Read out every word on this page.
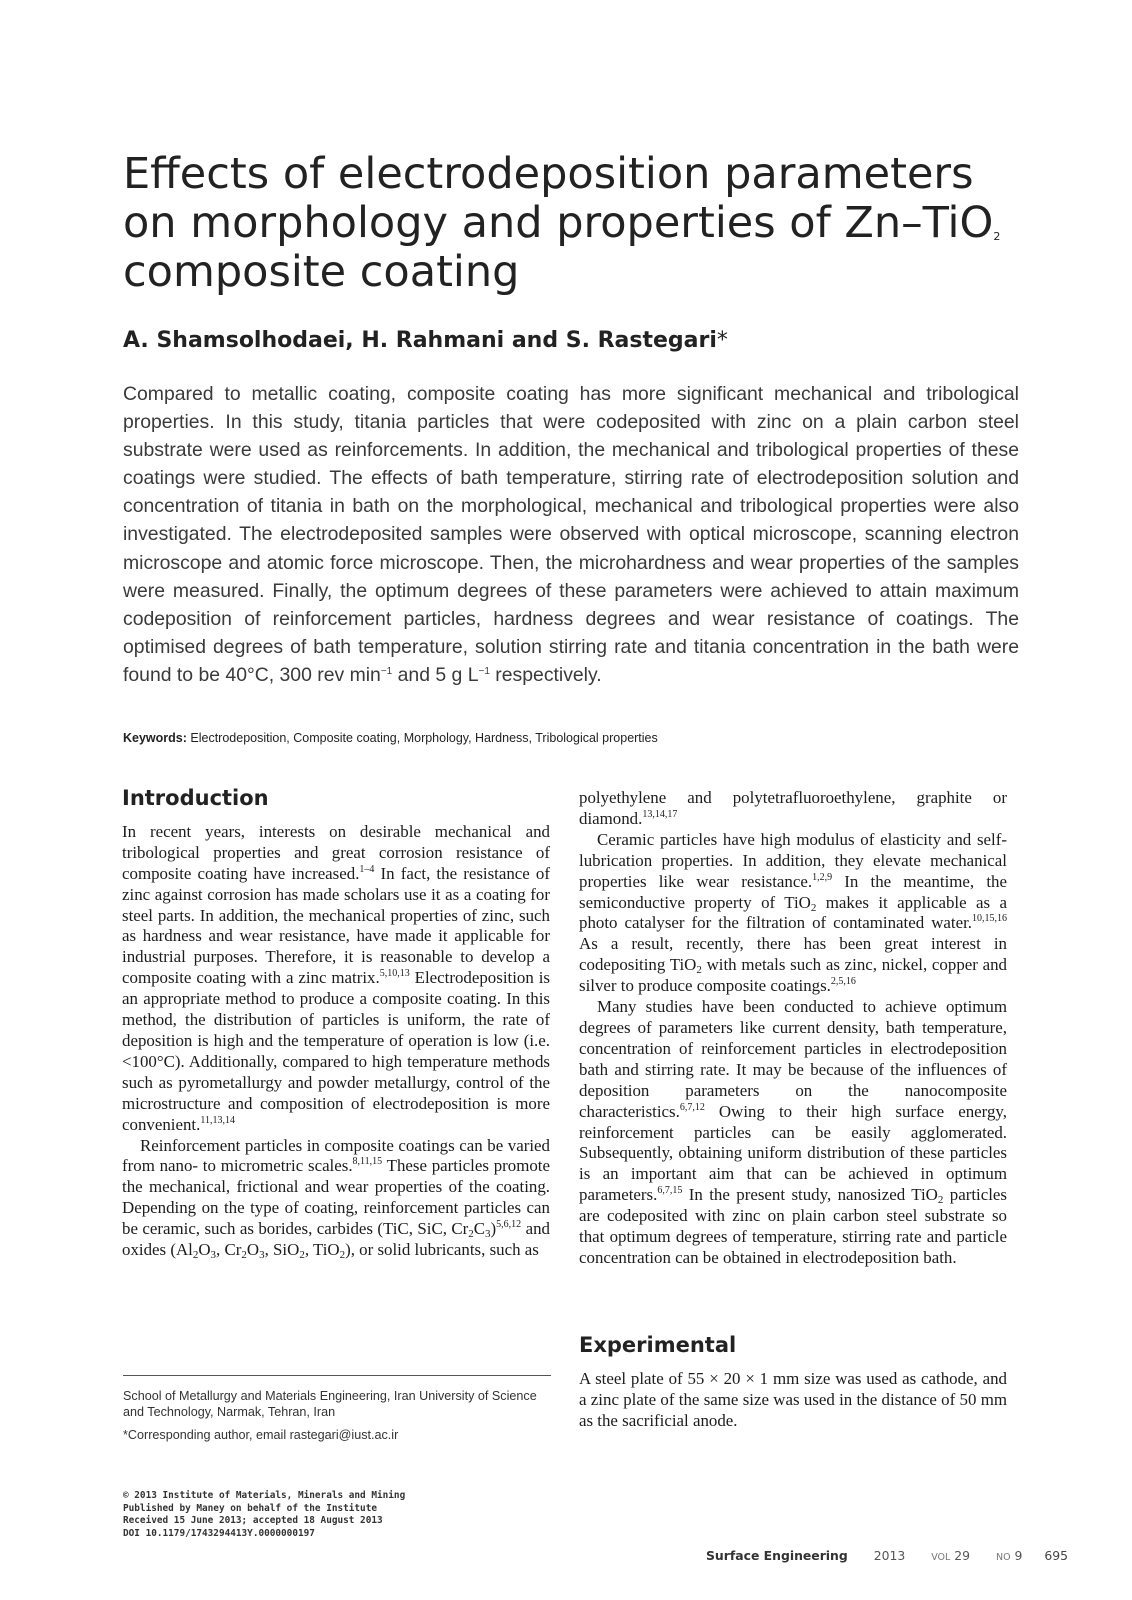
Effects of electrodeposition parameters on morphology and properties of Zn–TiO$_2$ composite coating

A. Shamsolhodaei, H. Rahmani and S. Rastegari*

Compared to metallic coating, composite coating has more significant mechanical and tribological properties. In this study, titania particles that were codeposited with zinc on a plain carbon steel substrate were used as reinforcements. In addition, the mechanical and tribological properties of these coatings were studied. The effects of bath temperature, stirring rate of electrodeposition solution and concentration of titania in bath on the morphological, mechanical and tribological properties were also investigated. The electrodeposited samples were observed with optical microscope, scanning electron microscope and atomic force microscope. Then, the microhardness and wear properties of the samples were measured. Finally, the optimum degrees of these parameters were achieved to attain maximum codeposition of reinforcement particles, hardness degrees and wear resistance of coatings. The optimised degrees of bath temperature, solution stirring rate and titania concentration in the bath were found to be 40°C, 300 rev $\min^{-1}$ and 5 g $L^{-1}$ respectively.

Keywords: Electrodeposition, Composite coating, Morphology, Hardness, Tribological properties

Introduction

In recent years, interests on desirable mechanical and tribological properties and great corrosion resistance of composite coating have increased.$^{1-4}$ In fact, the resistance of zinc against corrosion has made scholars use it as a coating for steel parts. In addition, the mechanical properties of zinc, such as hardness and wear resistance, have made it applicable for industrial purposes. Therefore, it is reasonable to develop a composite coating with a zinc matrix.$^{5,10,13}$ Electrodeposition is an appropriate method to produce a composite coating. In this method, the distribution of particles is uniform, the rate of deposition is high and the temperature of operation is low (i.e. <100°C). Additionally, compared to high temperature methods such as pyrometallurgy and powder metallurgy, control of the microstructure and composition of electrodeposition is more convenient.$^{11,13,14}$

Reinforcement particles in composite coatings can be varied from nano- to micrometric scales.$^{8,11,15}$ These particles promote the mechanical, frictional and wear properties of the coating. Depending on the type of coating, reinforcement particles can be ceramic, such as borides, carbides (TiC, SiC, $Cr_2C_3)^{5,6,12}$ and oxides ($Al_2O_3$, $Cr_2O_3$, SiO$_2$, TiO$_2$), or solid lubricants, such as

polyethylene and polytetrafluoroethylene, graphite or diamond.$^{13,14,17}$

Ceramic particles have high modulus of elasticity and self-lubrication properties. In addition, they elevate mechanical properties like wear resistance.$^{1,2,9}$ In the meantime, the semiconductive property of TiO$_2$ makes it applicable as a photo catalyser for the filtration of contaminated water.$^{10,15,16}$ As a result, recently, there has been great interest in codepositing TiO$_2$ with metals such as zinc, nickel, copper and silver to produce composite coatings.$^{2,5,16}$

Many studies have been conducted to achieve optimum degrees of parameters like current density, bath temperature, concentration of reinforcement particles in electrodeposition bath and stirring rate. It may be because of the influences of deposition parameters on the nanocomposite characteristics.$^{6,7,12}$ Owing to their high surface energy, reinforcement particles can be easily agglomerated. Subsequently, obtaining uniform distribution of these particles is an important aim that can be achieved in optimum parameters.$^{6,7,15}$ In the present study, nanosized TiO$_2$ particles are codeposited with zinc on plain carbon steel substrate so that optimum degrees of temperature, stirring rate and particle concentration can be obtained in electrodeposition bath.

Experimental

A steel plate of 55 × 20 × 1 mm size was used as cathode, and a zinc plate of the same size was used in the distance of 50 mm as the sacrificial anode.

School of Metallurgy and Materials Engineering, Iran University of Science and Technology, Narmak, Tehran, Iran

*Corresponding author, email rastegari@iust.ac.ir

© 2013 Institute of Materials, Minerals and Mining
Published by Maney on behalf of the Institute
Received 15 June 2013; accepted 18 August 2013
DOI 10.1179/1743294413Y.0000000197
Surface Engineering 2013	VOL 29	NO 9 695
